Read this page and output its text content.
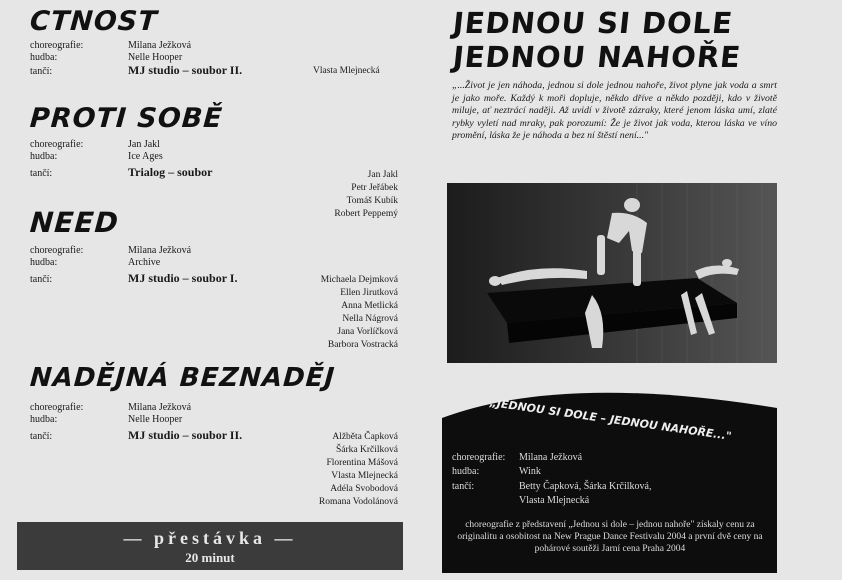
CTNOST
choreografie:	Milana Ježková
hudba:	Nelle Hooper
tančí:	MJ studio – soubor II.	Vlasta Mlejnecká
PROTI SOBĚ
choreografie:	Jan Jakl
hudba:	Ice Ages
tančí:	Trialog – soubor	Jan Jakl
Petr Jeřábek
Tomáš Kubík
Robert Peppemý
NEED
choreografie:	Milana Ježková
hudba:	Archive
tančí:	MJ studio – soubor I.	Michaela Dejmková
Ellen Jirutková
Anna Metlická
Nella Nágrová
Jana Vorlíčková
Barbora Vostracká
NADĚJNÁ BEZNADĚJ
choreografie:	Milana Ježková
hudba:	Nelle Hooper
tančí:	MJ studio – soubor II.	Alžběta Čapková
Šárka Krčilková
Florentina Mášová
Vlasta Mlejnecká
Adéla Svobodová
Romana Vodolánová
— přestávka —
20 minut
JEDNOU SI DOLE
JEDNOU NAHOŘE
„...Život je jen náhoda, jednou si dole jednou nahoře, život plyne jak voda a smrt je jako moře. Každý k moři dopluje, někdo dříve a někdo později, kdo v životě miluje, ať neztrácí naději. Až uvidí v životě zázraky, které jenom láska umí, zlaté rybky vyletí nad mraky, pak porozumí: Že je život jak voda, kterou láska ve víno promění, láska že je náhoda a bez ní štěstí není..."
„JEDNOU SI DOLE – JEDNOU NAHOŘE..."
choreografie: Milana Ježková
hudba:	Wink
tančí:	Betty Čapková, Šárka Krčilková,
Vlasta Mlejnecká
choreografie z představení „Jednou si dole – jednou nahoře" získaly cenu za originalitu a osobitost na New Prague Dance Festivalu 2004 a první dvě ceny na pohárové soutěži Jarní cena Praha 2004
